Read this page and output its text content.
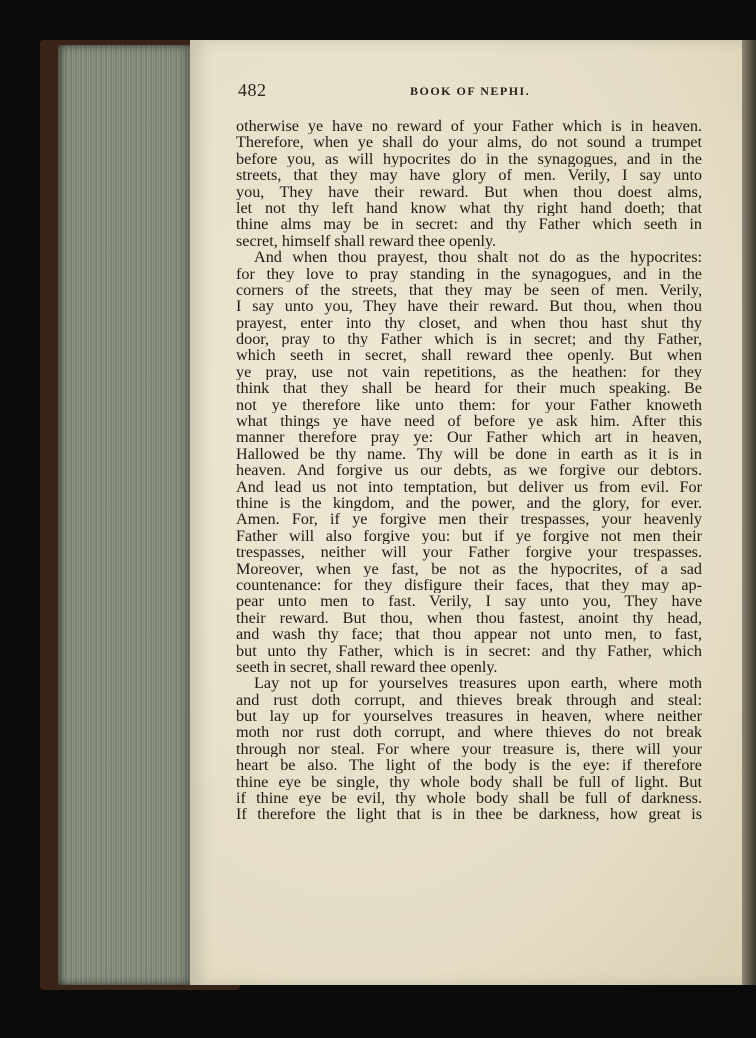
482	BOOK OF NEPHI.
otherwise ye have no reward of your Father which is in heaven.
Therefore, when ye shall do your alms, do not sound a trumpet
before you, as will hypocrites do in the synagogues, and in the
streets, that they may have glory of men. Verily, I say unto
you, They have their reward. But when thou doest alms,
let not thy left hand know what thy right hand doeth; that
thine alms may be in secret: and thy Father which seeth in
secret, himself shall reward thee openly.
And when thou prayest, thou shalt not do as the hypocrites:
for they love to pray standing in the synagogues, and in the
corners of the streets, that they may be seen of men. Verily,
I say unto you, They have their reward. But thou, when thou
prayest, enter into thy closet, and when thou hast shut thy
door, pray to thy Father which is in secret; and thy Father,
which seeth in secret, shall reward thee openly. But when
ye pray, use not vain repetitions, as the heathen: for they
think that they shall be heard for their much speaking. Be
not ye therefore like unto them: for your Father knoweth
what things ye have need of before ye ask him. After this
manner therefore pray ye: Our Father which art in heaven,
Hallowed be thy name. Thy will be done in earth as it is in
heaven. And forgive us our debts, as we forgive our debtors.
And lead us not into temptation, but deliver us from evil. For
thine is the kingdom, and the power, and the glory, for ever.
Amen. For, if ye forgive men their trespasses, your heavenly
Father will also forgive you: but if ye forgive not men their
trespasses, neither will your Father forgive your trespasses.
Moreover, when ye fast, be not as the hypocrites, of a sad
countenance: for they disfigure their faces, that they may ap-
pear unto men to fast. Verily, I say unto you, They have
their reward. But thou, when thou fastest, anoint thy head,
and wash thy face; that thou appear not unto men, to fast,
but unto thy Father, which is in secret: and thy Father, which
seeth in secret, shall reward thee openly.
Lay not up for yourselves treasures upon earth, where moth
and rust doth corrupt, and thieves break through and steal:
but lay up for yourselves treasures in heaven, where neither
moth nor rust doth corrupt, and where thieves do not break
through nor steal. For where your treasure is, there will your
heart be also. The light of the body is the eye: if therefore
thine eye be single, thy whole body shall be full of light. But
if thine eye be evil, thy whole body shall be full of darkness.
If therefore the light that is in thee be darkness, how great is
